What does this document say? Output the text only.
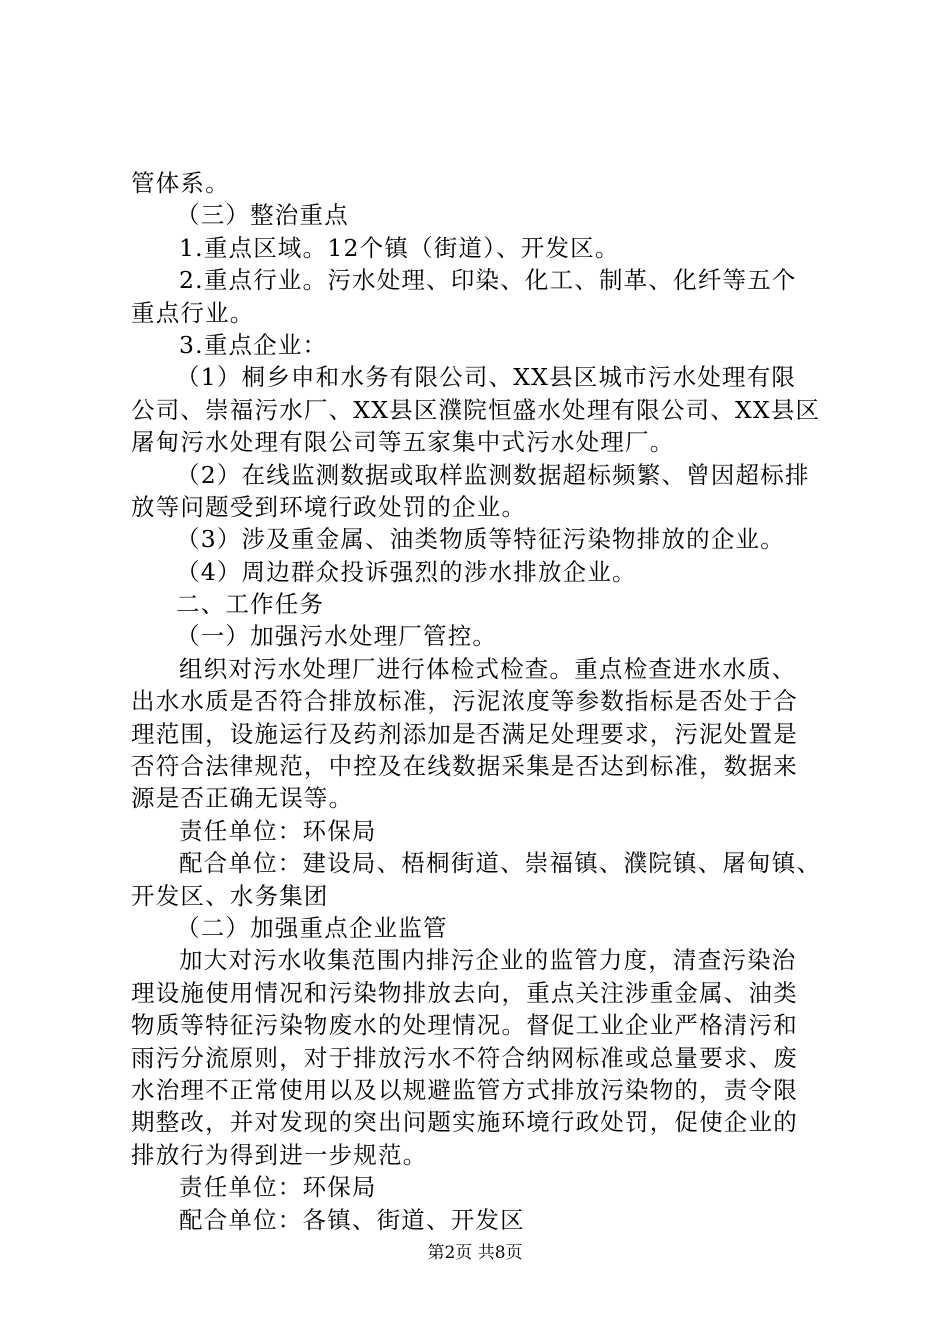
管体系。
（三）整治重点
1.重点区域。12个镇（街道）、开发区。
2.重点行业。污水处理、印染、化工、制革、化纤等五个
重点行业。
3.重点企业：
（1）桐乡申和水务有限公司、XX县区城市污水处理有限
公司、崇福污水厂、XX县区濮院恒盛水处理有限公司、XX县区
屠甸污水处理有限公司等五家集中式污水处理厂。
（2）在线监测数据或取样监测数据超标频繁、曾因超标排
放等问题受到环境行政处罚的企业。
（3）涉及重金属、油类物质等特征污染物排放的企业。
（4）周边群众投诉强烈的涉水排放企业。
二、工作任务
（一）加强污水处理厂管控。
组织对污水处理厂进行体检式检查。重点检查进水水质、
出水水质是否符合排放标准，污泥浓度等参数指标是否处于合
理范围，设施运行及药剂添加是否满足处理要求，污泥处置是
否符合法律规范，中控及在线数据采集是否达到标准，数据来
源是否正确无误等。
责任单位：环保局
配合单位：建设局、梧桐街道、崇福镇、濮院镇、屠甸镇、
开发区、水务集团
（二）加强重点企业监管
加大对污水收集范围内排污企业的监管力度，清查污染治
理设施使用情况和污染物排放去向，重点关注涉重金属、油类
物质等特征污染物废水的处理情况。督促工业企业严格清污和
雨污分流原则，对于排放污水不符合纳网标准或总量要求、废
水治理不正常使用以及以规避监管方式排放污染物的，责令限
期整改，并对发现的突出问题实施环境行政处罚，促使企业的
排放行为得到进一步规范。
责任单位：环保局
配合单位：各镇、街道、开发区
第2页 共8页
